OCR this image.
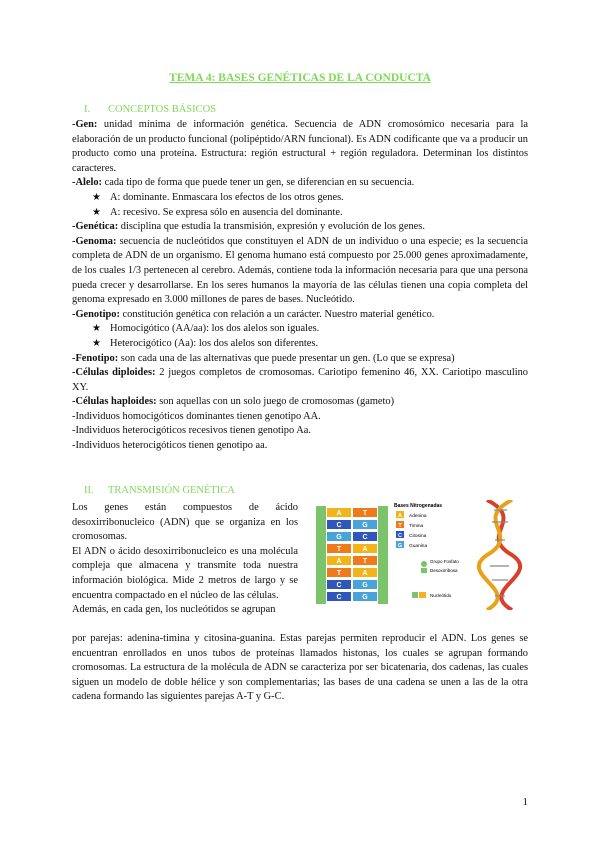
TEMA 4: BASES GENÉTICAS DE LA CONDUCTA
I. CONCEPTOS BÁSICOS

-Gen: unidad mínima de información genética. Secuencia de ADN cromosómico necesaria para la elaboración de un producto funcional (polipéptido/ARN funcional). Es ADN codificante que va a producir un producto como una proteína. Estructura: región estructural + región reguladora. Determinan los distintos caracteres.

-Alelo: cada tipo de forma que puede tener un gen, se diferencian en su secuencia.

★ A: dominante. Enmascara los efectos de los otros genes.

★ A: recesivo. Se expresa sólo en ausencia del dominante.

-Genética: disciplina que estudia la transmisión, expresión y evolución de los genes.

-Genoma: secuencia de nucleótidos que constituyen el ADN de un individuo o una especie; es la secuencia completa de ADN de un organismo. El genoma humano está compuesto por 25.000 genes aproximadamente, de los cuales 1/3 pertenecen al cerebro. Además, contiene toda la información necesaria para que una persona pueda crecer y desarrollarse. En los seres humanos la mayoría de las células tienen una copia completa del genoma expresado en 3.000 millones de pares de bases. Nucleótido.

-Genotipo: constitución genética con relación a un carácter. Nuestro material genético.

★ Homocigótico (AA/aa): los dos alelos son iguales.

★ Heterocigótico (Aa): los dos alelos son diferentes.

-Fenotipo: son cada una de las alternativas que puede presentar un gen. (Lo que se expresa)

-Células diploides: 2 juegos completos de cromosomas. Cariotipo femenino 46, XX. Cariotipo masculino XY.

-Células haploides: son aquellas con un solo juego de cromosomas (gameto)

-Individuos homocigóticos dominantes tienen genotipo AA.

-Individuos heterocigóticos recesivos tienen genotipo Aa.

-Individuos heterocigóticos tienen genotipo aa.

II. TRANSMISIÓN GENÉTICA

Los genes están compuestos de ácido desoxirribonucleico (ADN) que se organiza en los cromosomas.

El ADN o ácido desoxirribonucleico es una molécula compleja que almacena y transmite toda nuestra información biológica. Mide 2 metros de largo y se encuentra compactado en el núcleo de las células.

Además, en cada gen, los nucleótidos se agrupan

por parejas: adenina-timina y citosina-guanina. Estas parejas permiten reproducir el ADN. Los genes se encuentran enrollados en unos tubos de proteínas llamados histonas, los cuales se agrupan formando cromosomas. La estructura de la molécula de ADN se caracteriza por ser bicatenaria, dos cadenas, las cuales siguen un modelo de doble hélice y son complementarias; las bases de una cadena se unen a las de la otra cadena formando las siguientes parejas A-T y G-C.

A	T
C	G
G	C
T	A
A	T
T	A
C	G
C	G
Bases Nitrogenadas
A Adenina
T Timina
C Citosina
G Guanina
Grupo Fosfato
Desoxirribosa
Nucleótido
1
